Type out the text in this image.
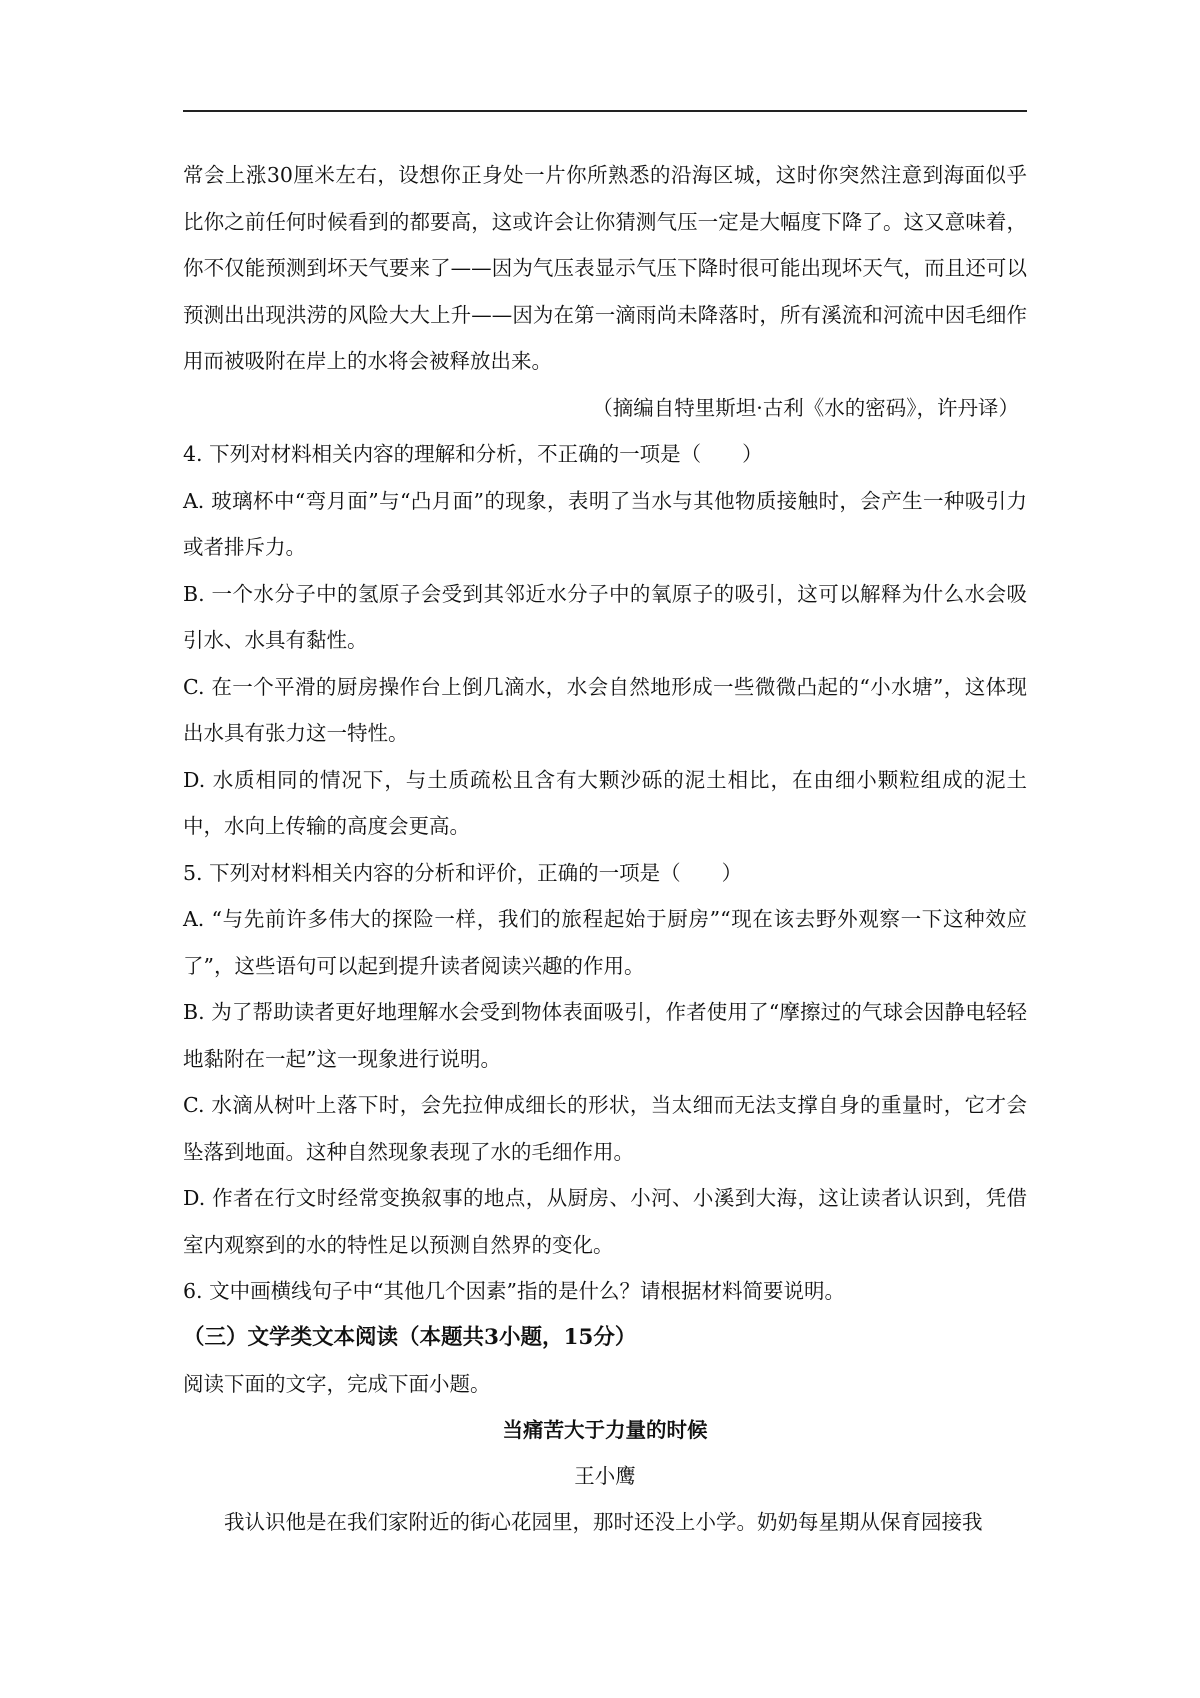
常会上涨30厘米左右，设想你正身处一片你所熟悉的沿海区城，这时你突然注意到海面似乎比你之前任何时候看到的都要高，这或许会让你猜测气压一定是大幅度下降了。这又意味着，你不仅能预测到坏天气要来了——因为气压表显示气压下降时很可能出现坏天气，而且还可以预测出出现洪涝的风险大大上升——因为在第一滴雨尚未降落时，所有溪流和河流中因毛细作用而被吸附在岸上的水将会被释放出来。

（摘编自特里斯坦·古利《水的密码》，许丹译）

4. 下列对材料相关内容的理解和分析，不正确的一项是（　　）

A. 玻璃杯中“弯月面”与“凸月面”的现象，表明了当水与其他物质接触时，会产生一种吸引力或者排斥力。

B. 一个水分子中的氢原子会受到其邻近水分子中的氧原子的吸引，这可以解释为什么水会吸引水、水具有黏性。

C. 在一个平滑的厨房操作台上倒几滴水，水会自然地形成一些微微凸起的“小水塘”，这体现出水具有张力这一特性。

D. 水质相同的情况下，与土质疏松且含有大颗沙砾的泥土相比，在由细小颗粒组成的泥土中，水向上传输的高度会更高。

5. 下列对材料相关内容的分析和评价，正确的一项是（　　）

A. “与先前许多伟大的探险一样，我们的旅程起始于厨房”“现在该去野外观察一下这种效应了”，这些语句可以起到提升读者阅读兴趣的作用。

B. 为了帮助读者更好地理解水会受到物体表面吸引，作者使用了“摩擦过的气球会因静电轻轻地黏附在一起”这一现象进行说明。

C. 水滴从树叶上落下时，会先拉伸成细长的形状，当太细而无法支撑自身的重量时，它才会坠落到地面。这种自然现象表现了水的毛细作用。

D. 作者在行文时经常变换叙事的地点，从厨房、小河、小溪到大海，这让读者认识到，凭借室内观察到的水的特性足以预测自然界的变化。

6. 文中画横线句子中“其他几个因素”指的是什么？请根据材料简要说明。

（三）文学类文本阅读（本题共3小题，15分）

阅读下面的文字，完成下面小题。

当痛苦大于力量的时候

王小鹰

我认识他是在我们家附近的街心花园里，那时还没上小学。奶奶每星期从保育园接我
